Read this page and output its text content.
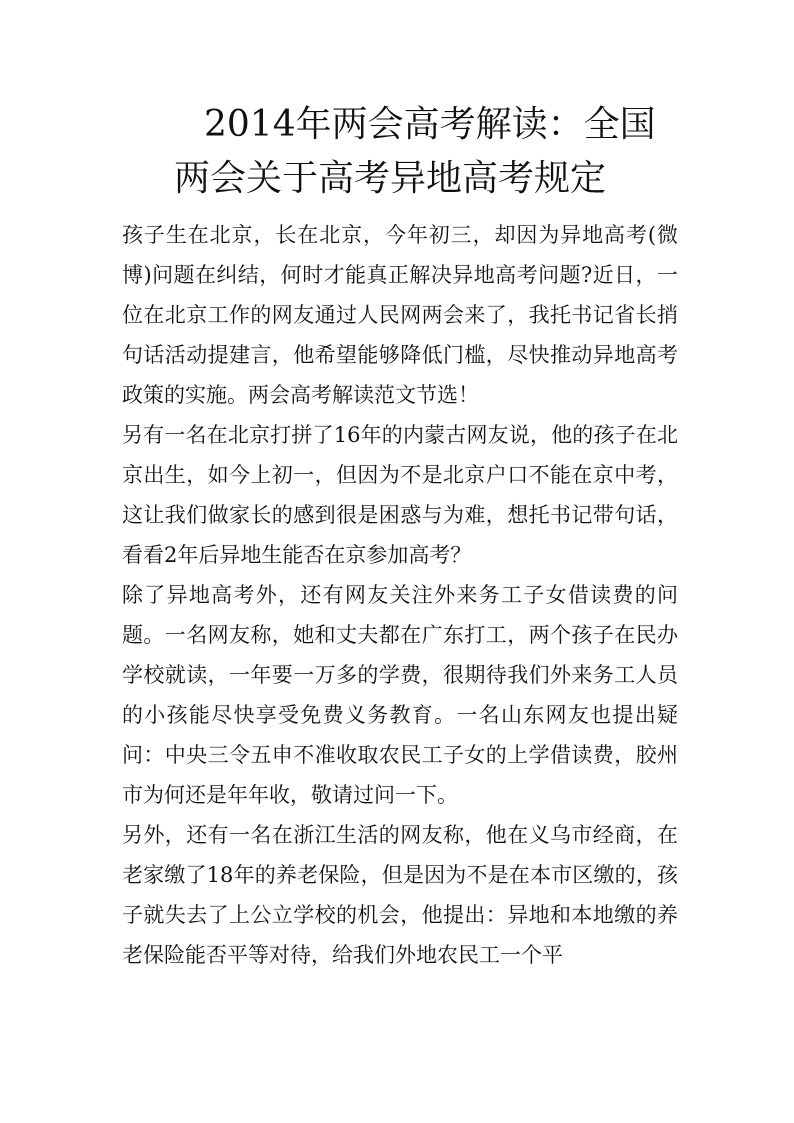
2014年两会高考解读：全国
两会关于高考异地高考规定

孩子生在北京，长在北京，今年初三，却因为异地高考(微博)问题在纠结，何时才能真正解决异地高考问题?近日，一位在北京工作的网友通过人民网两会来了，我托书记省长捎句话活动提建言，他希望能够降低门槛，尽快推动异地高考政策的实施。两会高考解读范文节选！

另有一名在北京打拼了16年的内蒙古网友说，他的孩子在北京出生，如今上初一，但因为不是北京户口不能在京中考，这让我们做家长的感到很是困惑与为难，想托书记带句话，看看2年后异地生能否在京参加高考？

除了异地高考外，还有网友关注外来务工子女借读费的问题。一名网友称，她和丈夫都在广东打工，两个孩子在民办学校就读，一年要一万多的学费，很期待我们外来务工人员的小孩能尽快享受免费义务教育。一名山东网友也提出疑问：中央三令五申不准收取农民工子女的上学借读费，胶州市为何还是年年收，敬请过问一下。

另外，还有一名在浙江生活的网友称，他在义乌市经商，在老家缴了18年的养老保险，但是因为不是在本市区缴的，孩子就失去了上公立学校的机会，他提出：异地和本地缴的养老保险能否平等对待，给我们外地农民工一个平
